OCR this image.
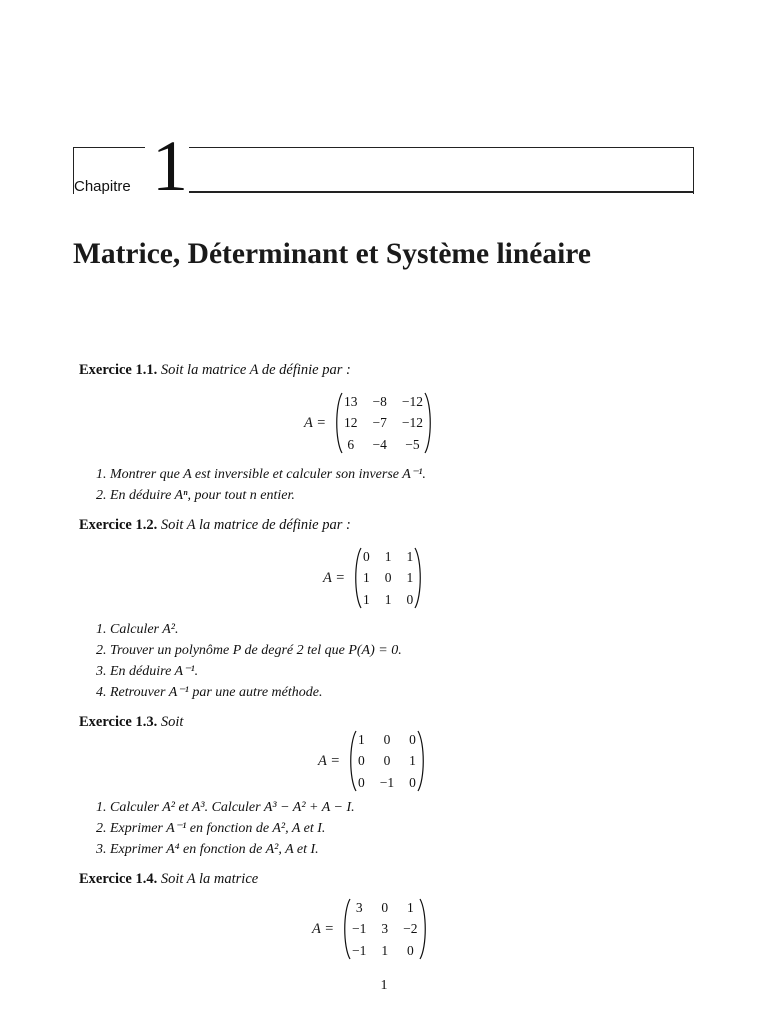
Chapitre 1
Matrice, Déterminant et Système linéaire
Exercice 1.1. Soit la matrice A de définie par :
A =
13 −8 −12
12 −7 −12
6 −4 −5
1. Montrer que A est inversible et calculer son inverse A⁻¹.
2. En déduire Aⁿ, pour tout n entier.
Exercice 1.2. Soit A la matrice de définie par :
A =
0 1 1
1 0 1
1 1 0
1. Calculer A².
2. Trouver un polynôme P de degré 2 tel que P(A) = 0.
3. En déduire A⁻¹.
4. Retrouver A⁻¹ par une autre méthode.
Exercice 1.3. Soit
A =
1 0 0
0 0 1
0 −1 0
1. Calculer A² et A³. Calculer A³ − A² + A − I.
2. Exprimer A⁻¹ en fonction de A², A et I.
3. Exprimer A⁴ en fonction de A², A et I.
Exercice 1.4. Soit A la matrice
A =
3 0 1
−1 3 −2
−1 1 0
1
